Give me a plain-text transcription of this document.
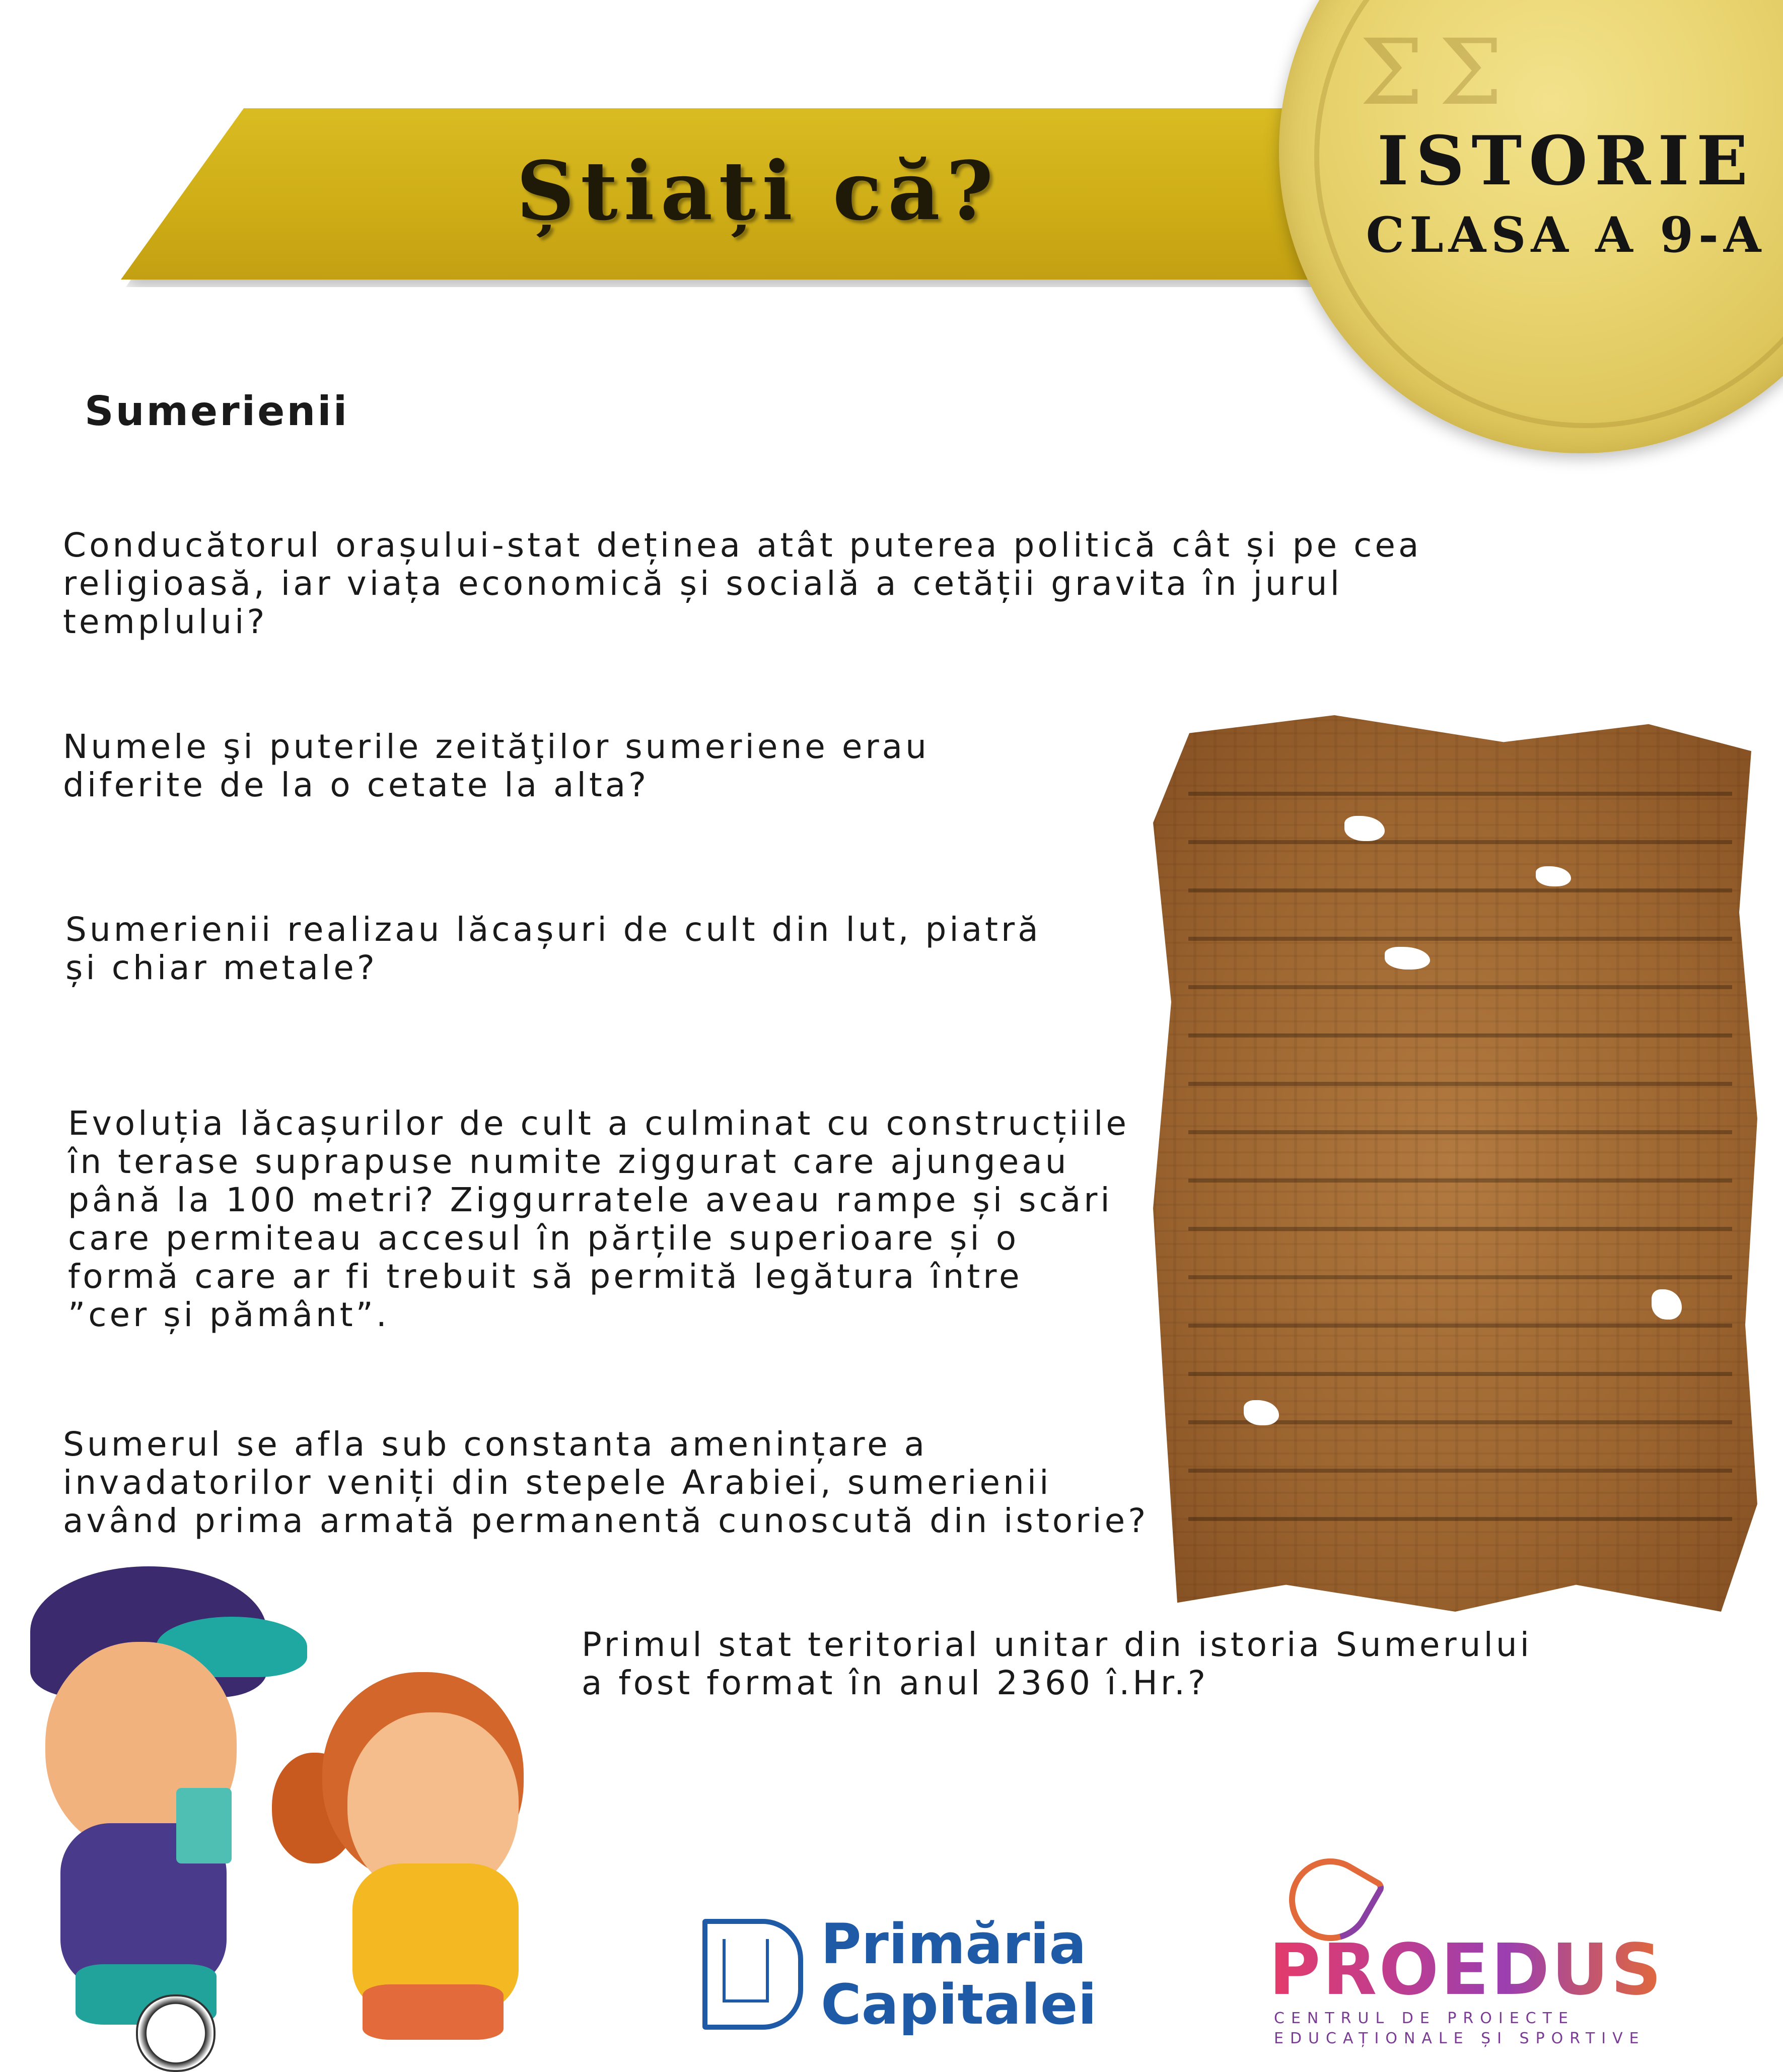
Știați că?
ΣΣ
ISTORIE
CLASA A 9-A
Sumerienii
Conducătorul orașului-stat deținea atât puterea politică cât și pe cea
religioasă, iar viața economică și socială a cetății gravita în jurul
templului?
Numele şi puterile zeităţilor sumeriene erau
diferite de la o cetate la alta?
Sumerienii realizau lăcașuri de cult din lut, piatră
și chiar metale?
Evoluția lăcașurilor de cult a culminat cu construcțiile
în terase suprapuse numite ziggurat care ajungeau
până la 100 metri? Ziggurratele aveau rampe și scări
care permiteau accesul în părțile superioare și o
formă care ar fi trebuit să permită legătura între
”cer și pământ”.
Sumerul se afla sub constanta amenințare a
invadatorilor veniți din stepele Arabiei, sumerienii
având prima armată permanentă cunoscută din istorie?
Primul stat teritorial unitar din istoria Sumerului
a fost format în anul 2360 î.Hr.?
Primăria
Capitalei PROEDUS
CENTRUL DE PROIECTE
EDUCAȚIONALE ȘI SPORTIVE
